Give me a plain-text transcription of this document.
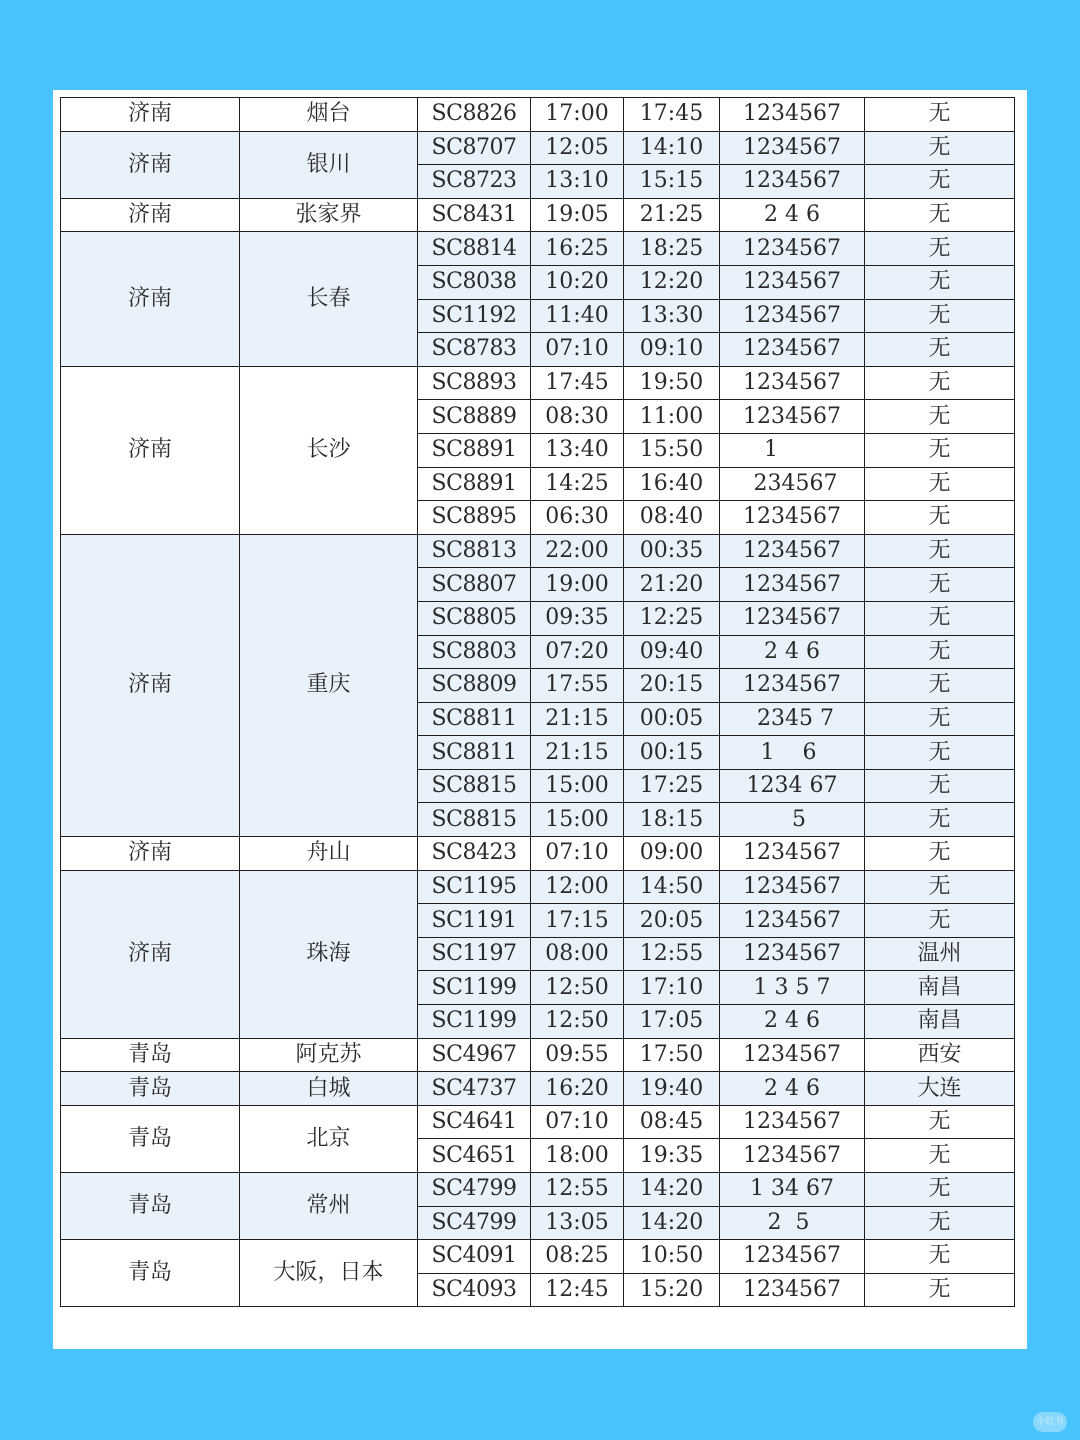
济南	烟台	SC8826	17:00	17:45	1234567	无
济南	银川	SC8707	12:05	14:10	1234567	无
		SC8723	13:10	15:15	1234567	无
济南	张家界	SC8431	19:05	21:25	2 4 6	无
济南	长春	SC8814	16:25	18:25	1234567	无
		SC8038	10:20	12:20	1234567	无
		SC1192	11:40	13:30	1234567	无
		SC8783	07:10	09:10	1234567	无
济南	长沙	SC8893	17:45	19:50	1234567	无
		SC8889	08:30	11:00	1234567	无
		SC8891	13:40	15:50	1	无
		SC8891	14:25	16:40	234567	无
		SC8895	06:30	08:40	1234567	无
济南	重庆	SC8813	22:00	00:35	1234567	无
		SC8807	19:00	21:20	1234567	无
		SC8805	09:35	12:25	1234567	无
		SC8803	07:20	09:40	2 4 6	无
		SC8809	17:55	20:15	1234567	无
		SC8811	21:15	00:05	2345 7	无
		SC8811	21:15	00:15	1    6	无
		SC8815	15:00	17:25	1234 67	无
		SC8815	15:00	18:15	5	无
济南	舟山	SC8423	07:10	09:00	1234567	无
济南	珠海	SC1195	12:00	14:50	1234567	无
		SC1191	17:15	20:05	1234567	无
		SC1197	08:00	12:55	1234567	温州
		SC1199	12:50	17:10	1 3 5 7	南昌
		SC1199	12:50	17:05	2 4 6	南昌
青岛	阿克苏	SC4967	09:55	17:50	1234567	西安
青岛	白城	SC4737	16:20	19:40	2 4 6	大连
青岛	北京	SC4641	07:10	08:45	1234567	无
		SC4651	18:00	19:35	1234567	无
青岛	常州	SC4799	12:55	14:20	1 34 67	无
		SC4799	13:05	14:20	2  5	无
青岛	大阪，日本	SC4091	08:25	10:50	1234567	无
		SC4093	12:45	15:20	1234567	无
小红书
